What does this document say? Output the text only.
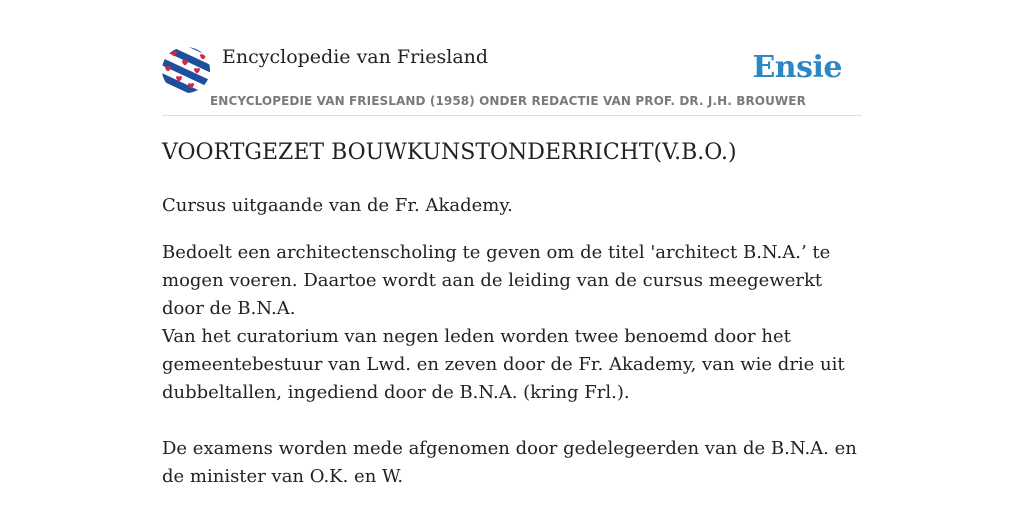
Encyclopedie van Friesland	Ensie
ENCYCLOPEDIE VAN FRIESLAND (1958) ONDER REDACTIE VAN PROF. DR. J.H. BROUWER
VOORTGEZET BOUWKUNSTONDERRICHT(V.B.O.)

Cursus uitgaande van de Fr. Akademy.

Bedoelt een architectenscholing te geven om de titel 'architect B.N.A.’ te mogen voeren. Daartoe wordt aan de leiding van de cursus meegewerkt door de B.N.A.

Van het curatorium van negen leden worden twee benoemd door het gemeentebestuur van Lwd. en zeven door de Fr. Akademy, van wie drie uit dubbeltallen, ingediend door de B.N.A. (kring Frl.).

De examens worden mede afgenomen door gedelegeerden van de B.N.A. en de minister van O.K. en W.
